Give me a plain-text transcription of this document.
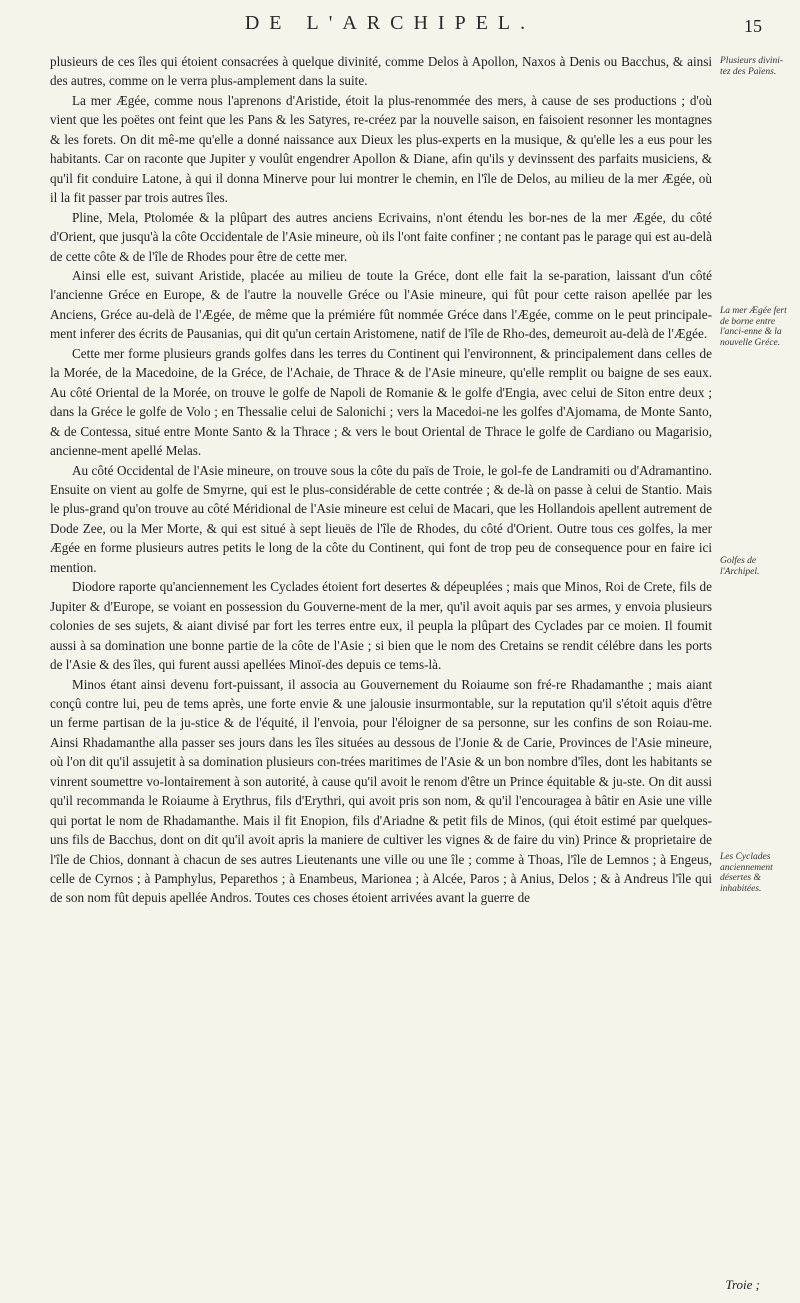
DE L'ARCHIPEL.	15
Plusieurs divini-tez des Païens.
La mer Ægée fert de borne entre l'anci-enne & la nouvelle Gréce.
Golfes de l'Archipel.
Les Cyclades anciennement désertes & inhabitées.

plusieurs de ces îles qui étoient consacrées à quelque divinité, comme Delos à Apollon, Naxos à Denis ou Bacchus, & ainsi des autres, comme on le verra plus-amplement dans la suite.

La mer Ægée, comme nous l'aprenons d'Aristide, étoit la plus-renommée des mers, à cause de ses productions ; d'où vient que les poëtes ont feint que les Pans & les Satyres, re-créez par la nouvelle saison, en faisoient resonner les montagnes & les forets. On dit mê-me qu'elle a donné naissance aux Dieux les plus-experts en la musique, & qu'elle les a eus pour les habitants. Car on raconte que Jupiter y voulût engendrer Apollon & Diane, afin qu'ils y devinssent des parfaits musiciens, & qu'il fit conduire Latone, à qui il donna Minerve pour lui montrer le chemin, en l'île de Delos, au milieu de la mer Ægée, où il la fit passer par trois autres îles.

Pline, Mela, Ptolomée & la plûpart des autres anciens Ecrivains, n'ont étendu les bor-nes de la mer Ægée, du côté d'Orient, que jusqu'à la côte Occidentale de l'Asie mineure, où ils l'ont faite confiner ; ne contant pas le parage qui est au-delà de cette côte & de l'île de Rhodes pour être de cette mer.

Ainsi elle est, suivant Aristide, placée au milieu de toute la Gréce, dont elle fait la se-paration, laissant d'un côté l'ancienne Gréce en Europe, & de l'autre la nouvelle Gréce ou l'Asie mineure, qui fût pour cette raison apellée par les Anciens, Gréce au-delà de l'Ægée, de même que la prémiére fût nommée Gréce dans l'Ægée, comme on le peut principale-ment inferer des écrits de Pausanias, qui dit qu'un certain Aristomene, natif de l'île de Rho-des, demeuroit au-delà de l'Ægée.

Cette mer forme plusieurs grands golfes dans les terres du Continent qui l'environnent, & principalement dans celles de la Morée, de la Macedoine, de la Gréce, de l'Achaie, de Thrace & de l'Asie mineure, qu'elle remplit ou baigne de ses eaux. Au côté Oriental de la Morée, on trouve le golfe de Napoli de Romanie & le golfe d'Engia, avec celui de Siton entre deux ; dans la Gréce le golfe de Volo ; en Thessalie celui de Salonichi ; vers la Macedoi-ne les golfes d'Ajomama, de Monte Santo, & de Contessa, situé entre Monte Santo & la Thrace ; & vers le bout Oriental de Thrace le golfe de Cardiano ou Magarisio, ancienne-ment apellé Melas.

Au côté Occidental de l'Asie mineure, on trouve sous la côte du païs de Troie, le gol-fe de Landramiti ou d'Adramantino. Ensuite on vient au golfe de Smyrne, qui est le plus-considérable de cette contrée ; & de-là on passe à celui de Stantio. Mais le plus-grand qu'on trouve au côté Méridional de l'Asie mineure est celui de Macari, que les Hollandois apellent autrement de Dode Zee, ou la Mer Morte, & qui est situé à sept lieuës de l'île de Rhodes, du côté d'Orient. Outre tous ces golfes, la mer Ægée en forme plusieurs autres petits le long de la côte du Continent, qui font de trop peu de consequence pour en faire ici mention.

Diodore raporte qu'anciennement les Cyclades étoient fort desertes & dépeuplées ; mais que Minos, Roi de Crete, fils de Jupiter & d'Europe, se voiant en possession du Gouverne-ment de la mer, qu'il avoit aquis par ses armes, y envoia plusieurs colonies de ses sujets, & aiant divisé par fort les terres entre eux, il peupla la plûpart des Cyclades par ce moien. Il foumit aussi à sa domination une bonne partie de la côte de l'Asie ; si bien que le nom des Cretains se rendit célébre dans les ports de l'Asie & des îles, qui furent aussi apellées Minoï-des depuis ce tems-là.

Minos étant ainsi devenu fort-puissant, il associa au Gouvernement du Roiaume son fré-re Rhadamanthe ; mais aiant conçû contre lui, peu de tems après, une forte envie & une jalousie insurmontable, sur la reputation qu'il s'étoit aquis d'être un ferme partisan de la ju-stice & de l'équité, il l'envoia, pour l'éloigner de sa personne, sur les confins de son Roiau-me. Ainsi Rhadamanthe alla passer ses jours dans les îles situées au dessous de l'Jonie & de Carie, Provinces de l'Asie mineure, où l'on dit qu'il assujetit à sa domination plusieurs con-trées maritimes de l'Asie & un bon nombre d'îles, dont les habitants se vinrent soumettre vo-lontairement à son autorité, à cause qu'il avoit le renom d'être un Prince équitable & ju-ste. On dit aussi qu'il recommanda le Roiaume à Erythrus, fils d'Erythri, qui avoit pris son nom, & qu'il l'encouragea à bâtir en Asie une ville qui portat le nom de Rhadamanthe. Mais il fit Enopion, fils d'Ariadne & petit fils de Minos, (qui étoit estimé par quelques-uns fils de Bacchus, dont on dit qu'il avoit apris la maniere de cultiver les vignes & de faire du vin) Prince & proprietaire de l'île de Chios, donnant à chacun de ses autres Lieutenants une ville ou une île ; comme à Thoas, l'île de Lemnos ; à Engeus, celle de Cyrnos ; à Pamphylus, Peparethos ; à Enambeus, Marionea ; à Alcée, Paros ; à Anius, Delos ; & à Andreus l'île qui de son nom fût depuis apellée Andros. Toutes ces choses étoient arrivées avant la guerre de

Troie ;
